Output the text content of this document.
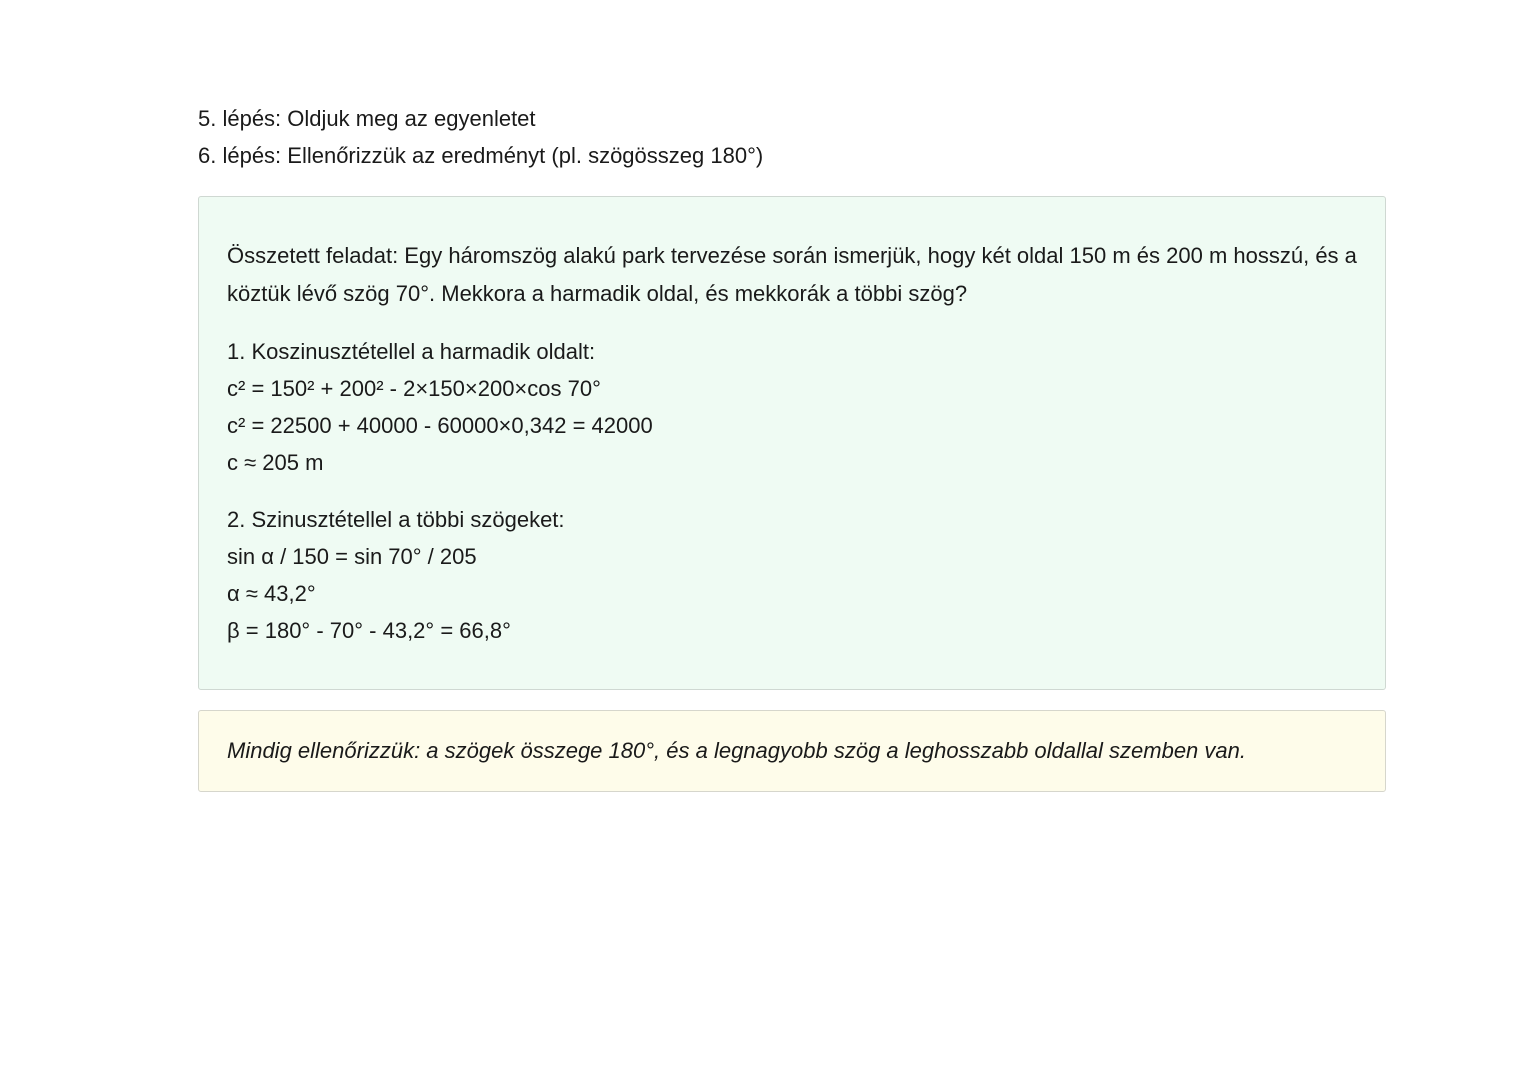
5. lépés: Oldjuk meg az egyenletet

6. lépés: Ellenőrizzük az eredményt (pl. szögösszeg 180°)

Összetett feladat: Egy háromszög alakú park tervezése során ismerjük, hogy két oldal 150 m és 200 m hosszú, és a köztük lévő szög 70°. Mekkora a harmadik oldal, és mekkorák a többi szög?

1. Koszinusztétellel a harmadik oldalt:

c² = 150² + 200² - 2×150×200×cos 70°

c² = 22500 + 40000 - 60000×0,342 = 42000

c ≈ 205 m

2. Szinusztétellel a többi szögeket:

sin α / 150 = sin 70° / 205

α ≈ 43,2°

β = 180° - 70° - 43,2° = 66,8°

Mindig ellenőrizzük: a szögek összege 180°, és a legnagyobb szög a leghosszabb oldallal szemben van.
